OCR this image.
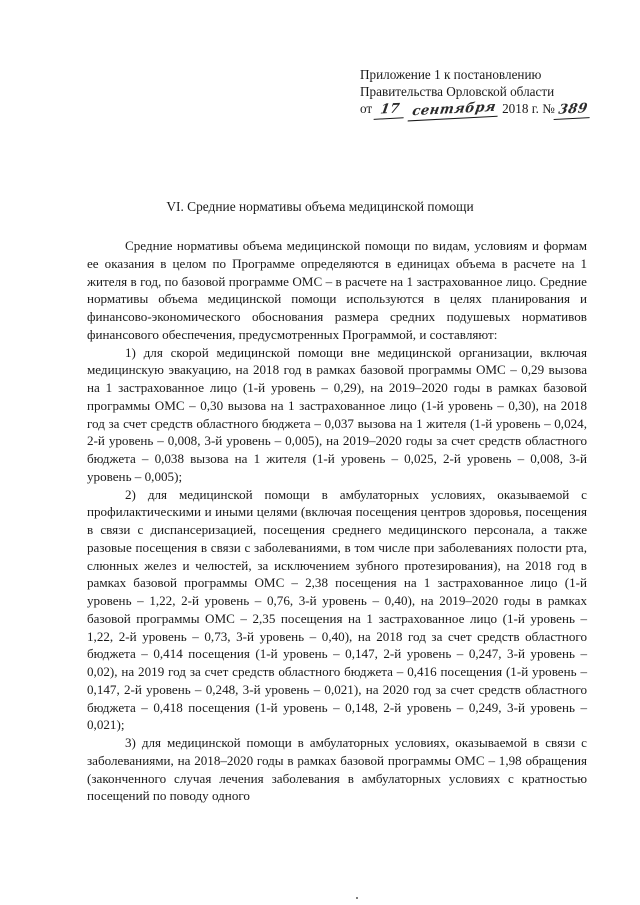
Приложение 1 к постановлению
Правительства Орловской области
от 17 сентября 2018 г. № 389
VI. Средние нормативы объема медицинской помощи

Средние нормативы объема медицинской помощи по видам, условиям и формам ее оказания в целом по Программе определяются в единицах объема в расчете на 1 жителя в год, по базовой программе ОМС – в расчете на 1 застрахованное лицо. Средние нормативы объема медицинской помощи используются в целях планирования и финансово-экономического обоснования размера средних подушевых нормативов финансового обеспечения, предусмотренных Программой, и составляют:

1) для скорой медицинской помощи вне медицинской организации, включая медицинскую эвакуацию, на 2018 год в рамках базовой программы ОМС – 0,29 вызова на 1 застрахованное лицо (1-й уровень – 0,29), на 2019–2020 годы в рамках базовой программы ОМС – 0,30 вызова на 1 застрахованное лицо (1-й уровень – 0,30), на 2018 год за счет средств областного бюджета – 0,037 вызова на 1 жителя (1-й уровень – 0,024, 2-й уровень – 0,008, 3-й уровень – 0,005), на 2019–2020 годы за счет средств областного бюджета – 0,038 вызова на 1 жителя (1-й уровень – 0,025, 2-й уровень – 0,008, 3-й уровень – 0,005);

2) для медицинской помощи в амбулаторных условиях, оказываемой с профилактическими и иными целями (включая посещения центров здоровья, посещения в связи с диспансеризацией, посещения среднего медицинского персонала, а также разовые посещения в связи с заболеваниями, в том числе при заболеваниях полости рта, слюнных желез и челюстей, за исключением зубного протезирования), на 2018 год в рамках базовой программы ОМС – 2,38 посещения на 1 застрахованное лицо (1-й уровень – 1,22, 2-й уровень – 0,76, 3-й уровень – 0,40), на 2019–2020 годы в рамках базовой программы ОМС – 2,35 посещения на 1 застрахованное лицо (1-й уровень – 1,22, 2-й уровень – 0,73, 3-й уровень – 0,40), на 2018 год за счет средств областного бюджета – 0,414 посещения (1-й уровень – 0,147, 2-й уровень – 0,247, 3-й уровень – 0,02), на 2019 год за счет средств областного бюджета – 0,416 посещения (1-й уровень – 0,147, 2-й уровень – 0,248, 3-й уровень – 0,021), на 2020 год за счет средств областного бюджета – 0,418 посещения (1-й уровень – 0,148, 2-й уровень – 0,249, 3-й уровень – 0,021);

3) для медицинской помощи в амбулаторных условиях, оказываемой в связи с заболеваниями, на 2018–2020 годы в рамках базовой программы ОМС – 1,98 обращения (законченного случая лечения заболевания в амбулаторных условиях с кратностью посещений по поводу одного
